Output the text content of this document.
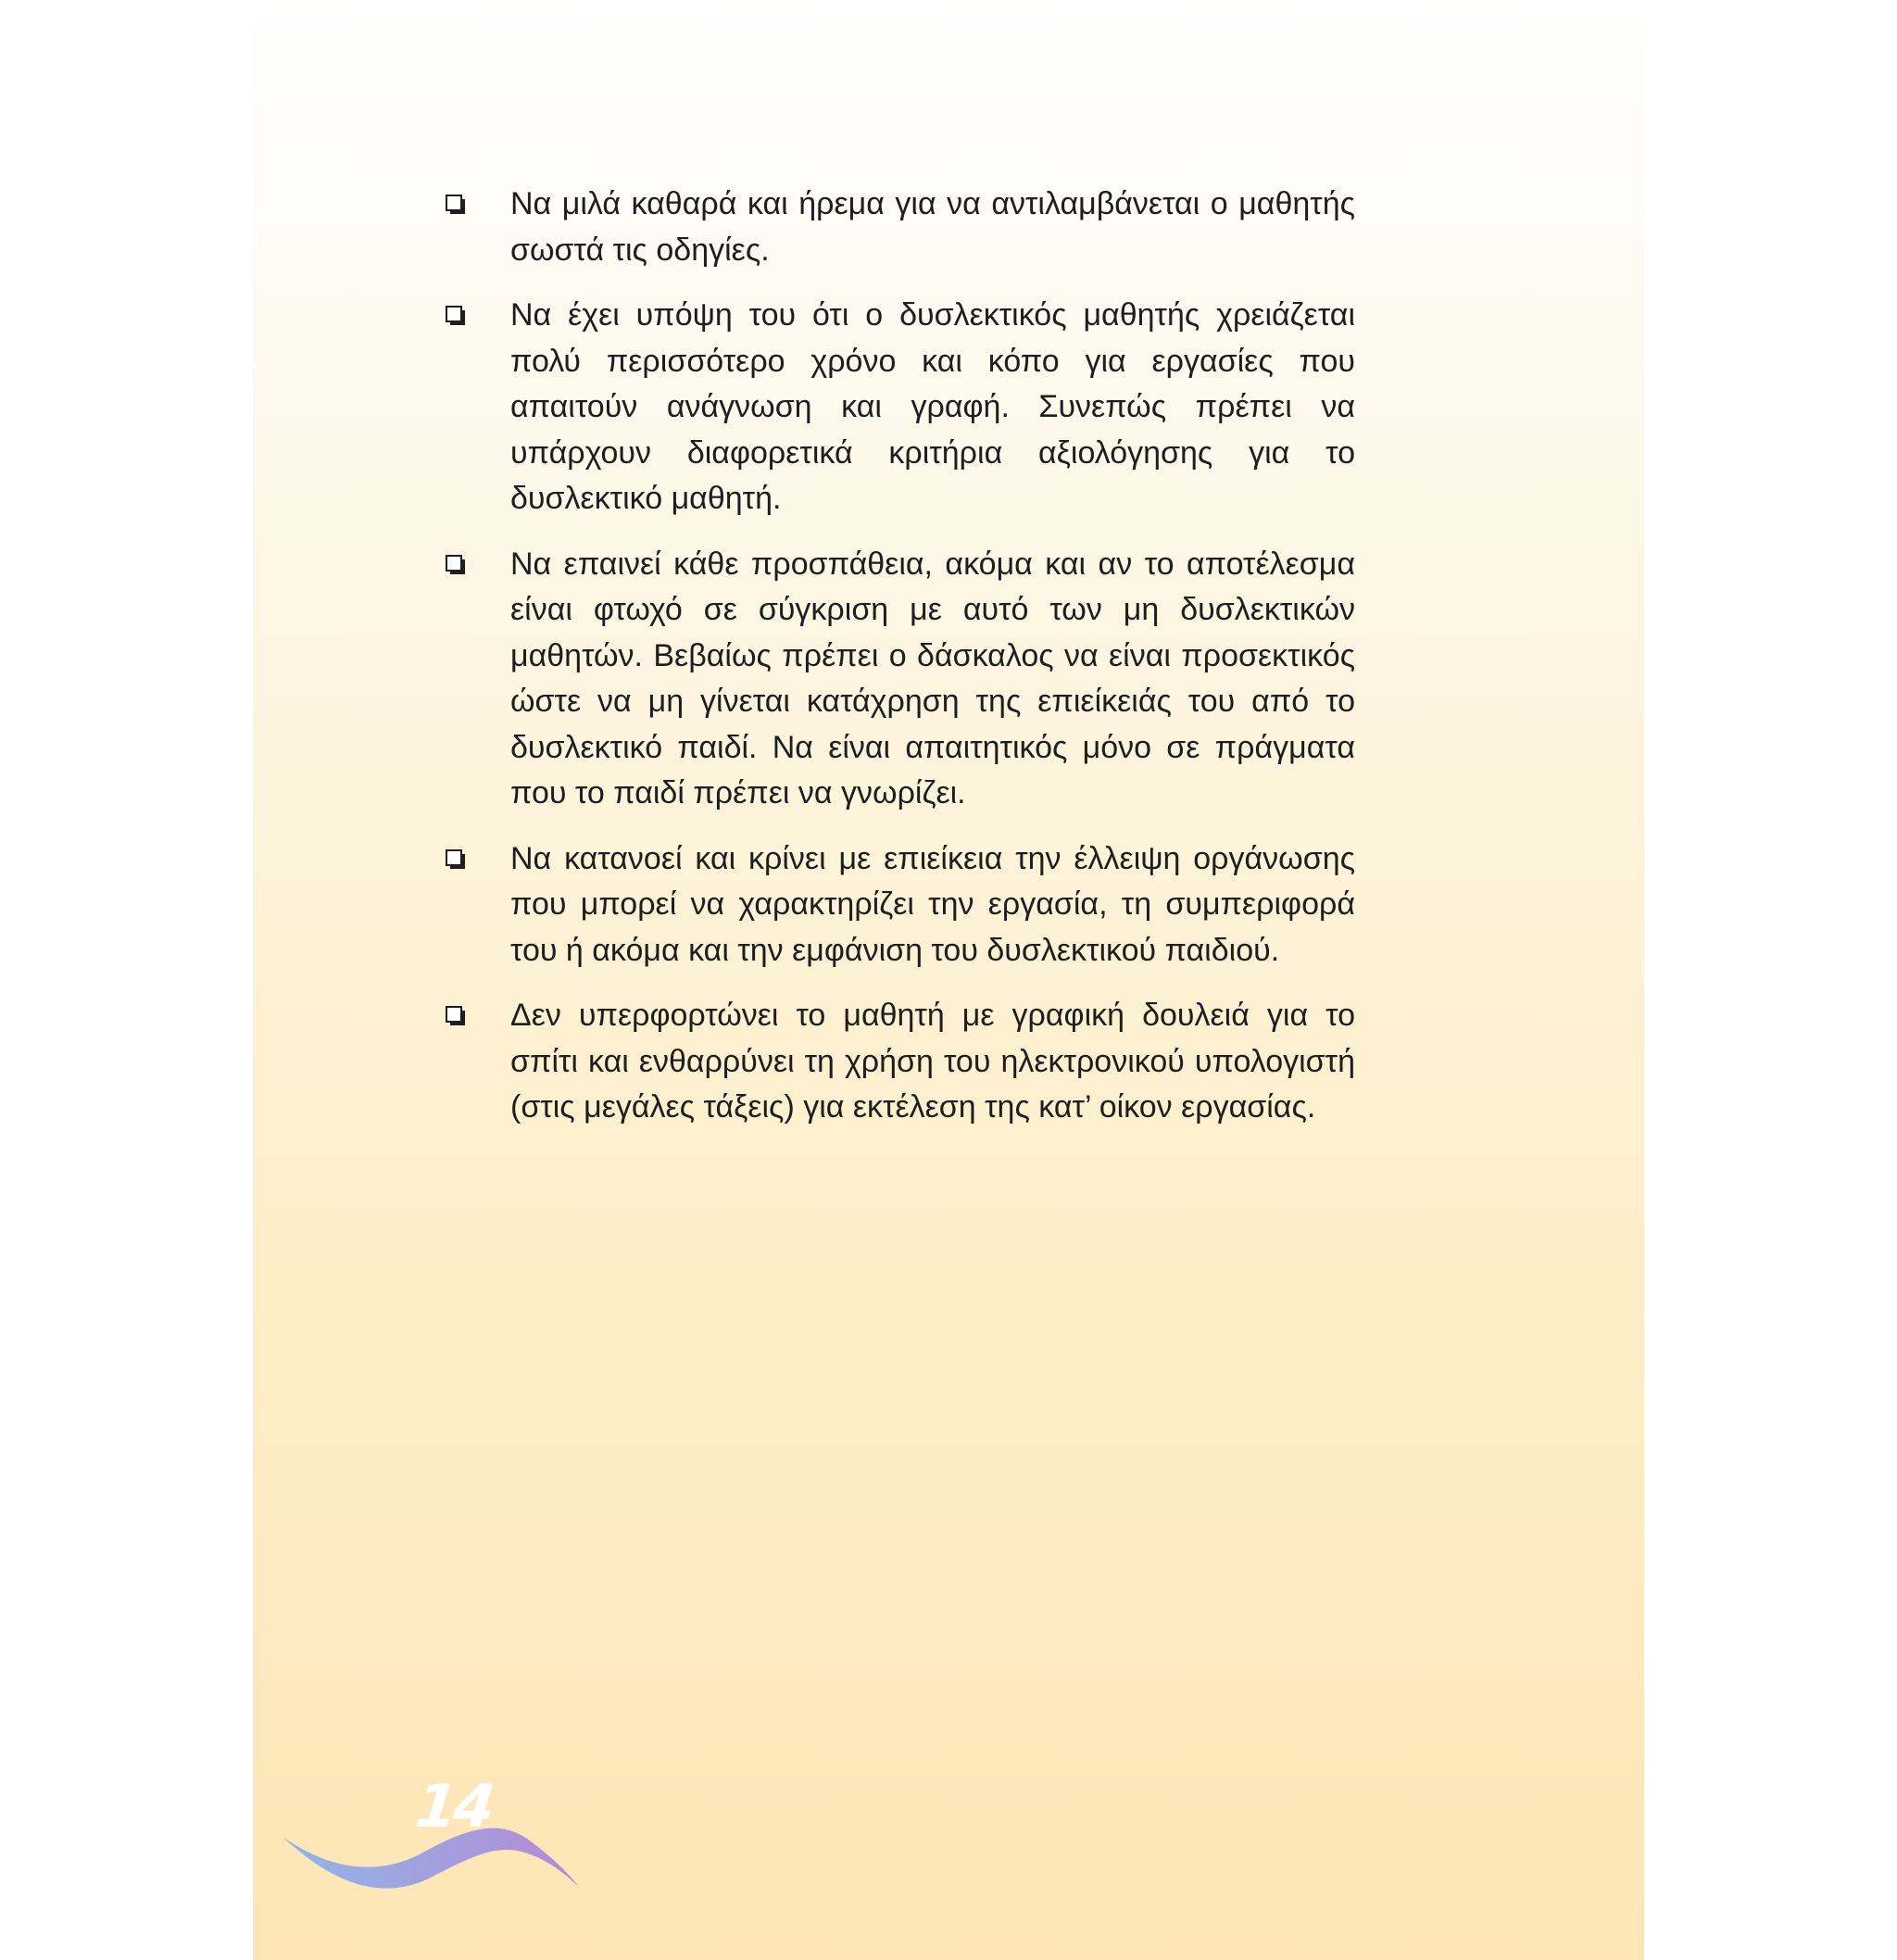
Να μιλά καθαρά και ήρεμα για να αντιλαμβάνεται ο μαθητής σωστά τις οδηγίες.

Να έχει υπόψη του ότι ο δυσλεκτικός μαθητής χρειάζεται πολύ περισσότερο χρόνο και κόπο για εργασίες που απαιτούν ανάγνωση και γραφή. Συνεπώς πρέπει να υπάρχουν διαφορετικά κριτήρια αξιολόγησης για το δυσλεκτικό μαθητή.

Να επαινεί κάθε προσπάθεια, ακόμα και αν το αποτέλεσμα είναι φτωχό σε σύγκριση με αυτό των μη δυσλεκτικών μαθητών. Βεβαίως πρέπει ο δάσκαλος να είναι προσεκτικός ώστε να μη γίνεται κατάχρηση της επιείκειάς του από το δυσλεκτικό παιδί. Να είναι απαιτητικός μόνο σε πράγματα που το παιδί πρέπει να γνωρίζει.

Να κατανοεί και κρίνει με επιείκεια την έλλειψη οργάνωσης που μπορεί να χαρακτηρίζει την εργασία, τη συμπεριφορά του ή ακόμα και την εμφάνιση του δυσλεκτικού παιδιού.

Δεν υπερφορτώνει το μαθητή με γραφική δουλειά για το σπίτι και ενθαρρύνει τη χρήση του ηλεκτρονικού υπολογιστή (στις μεγάλες τάξεις) για εκτέλεση της κατ’ οίκον εργασίας.

14
